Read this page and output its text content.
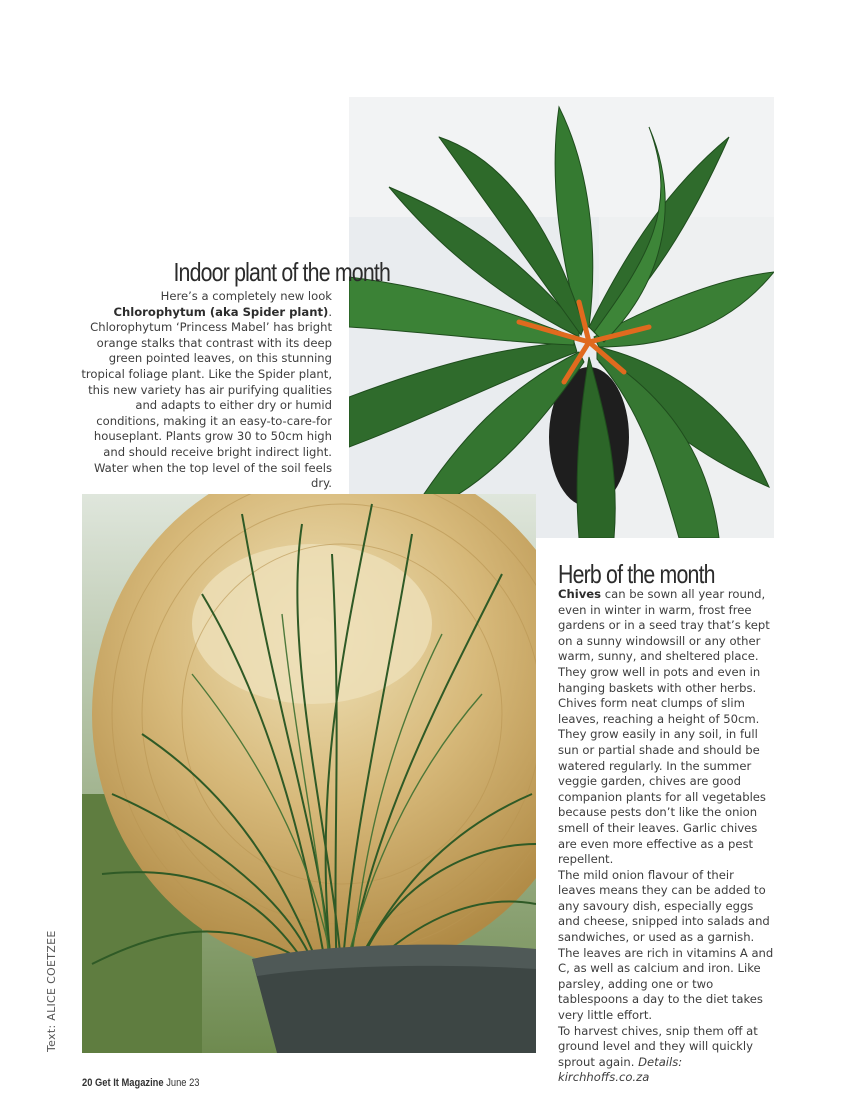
Indoor plant of the month

Here’s a completely new look Chlorophytum (aka Spider plant). Chlorophytum ‘Princess Mabel’ has bright orange stalks that contrast with its deep green pointed leaves, on this stunning tropical foliage plant. Like the Spider plant, this new variety has air purifying qualities and adapts to either dry or humid conditions, making it an easy-to-care-for houseplant. Plants grow 30 to 50cm high and should receive bright indirect light. Water when the top level of the soil feels dry.

Herb of the month

Chives can be sown all year round, even in winter in warm, frost free gardens or in a seed tray that’s kept on a sunny windowsill or any other warm, sunny, and sheltered place. They grow well in pots and even in hanging baskets with other herbs. Chives form neat clumps of slim leaves, reaching a height of 50cm. They grow easily in any soil, in full sun or partial shade and should be watered regularly. In the summer veggie garden, chives are good companion plants for all vegetables because pests don’t like the onion smell of their leaves. Garlic chives are even more effective as a pest repellent.
The mild onion flavour of their leaves means they can be added to any savoury dish, especially eggs and cheese, snipped into salads and sandwiches, or used as a garnish. The leaves are rich in vitamins A and C, as well as calcium and iron. Like parsley, adding one or two tablespoons a day to the diet takes very little effort.
To harvest chives, snip them off at ground level and they will quickly sprout again. Details: kirchhoffs.co.za

Text: ALICE COETZEE
20 Get It Magazine June 23
